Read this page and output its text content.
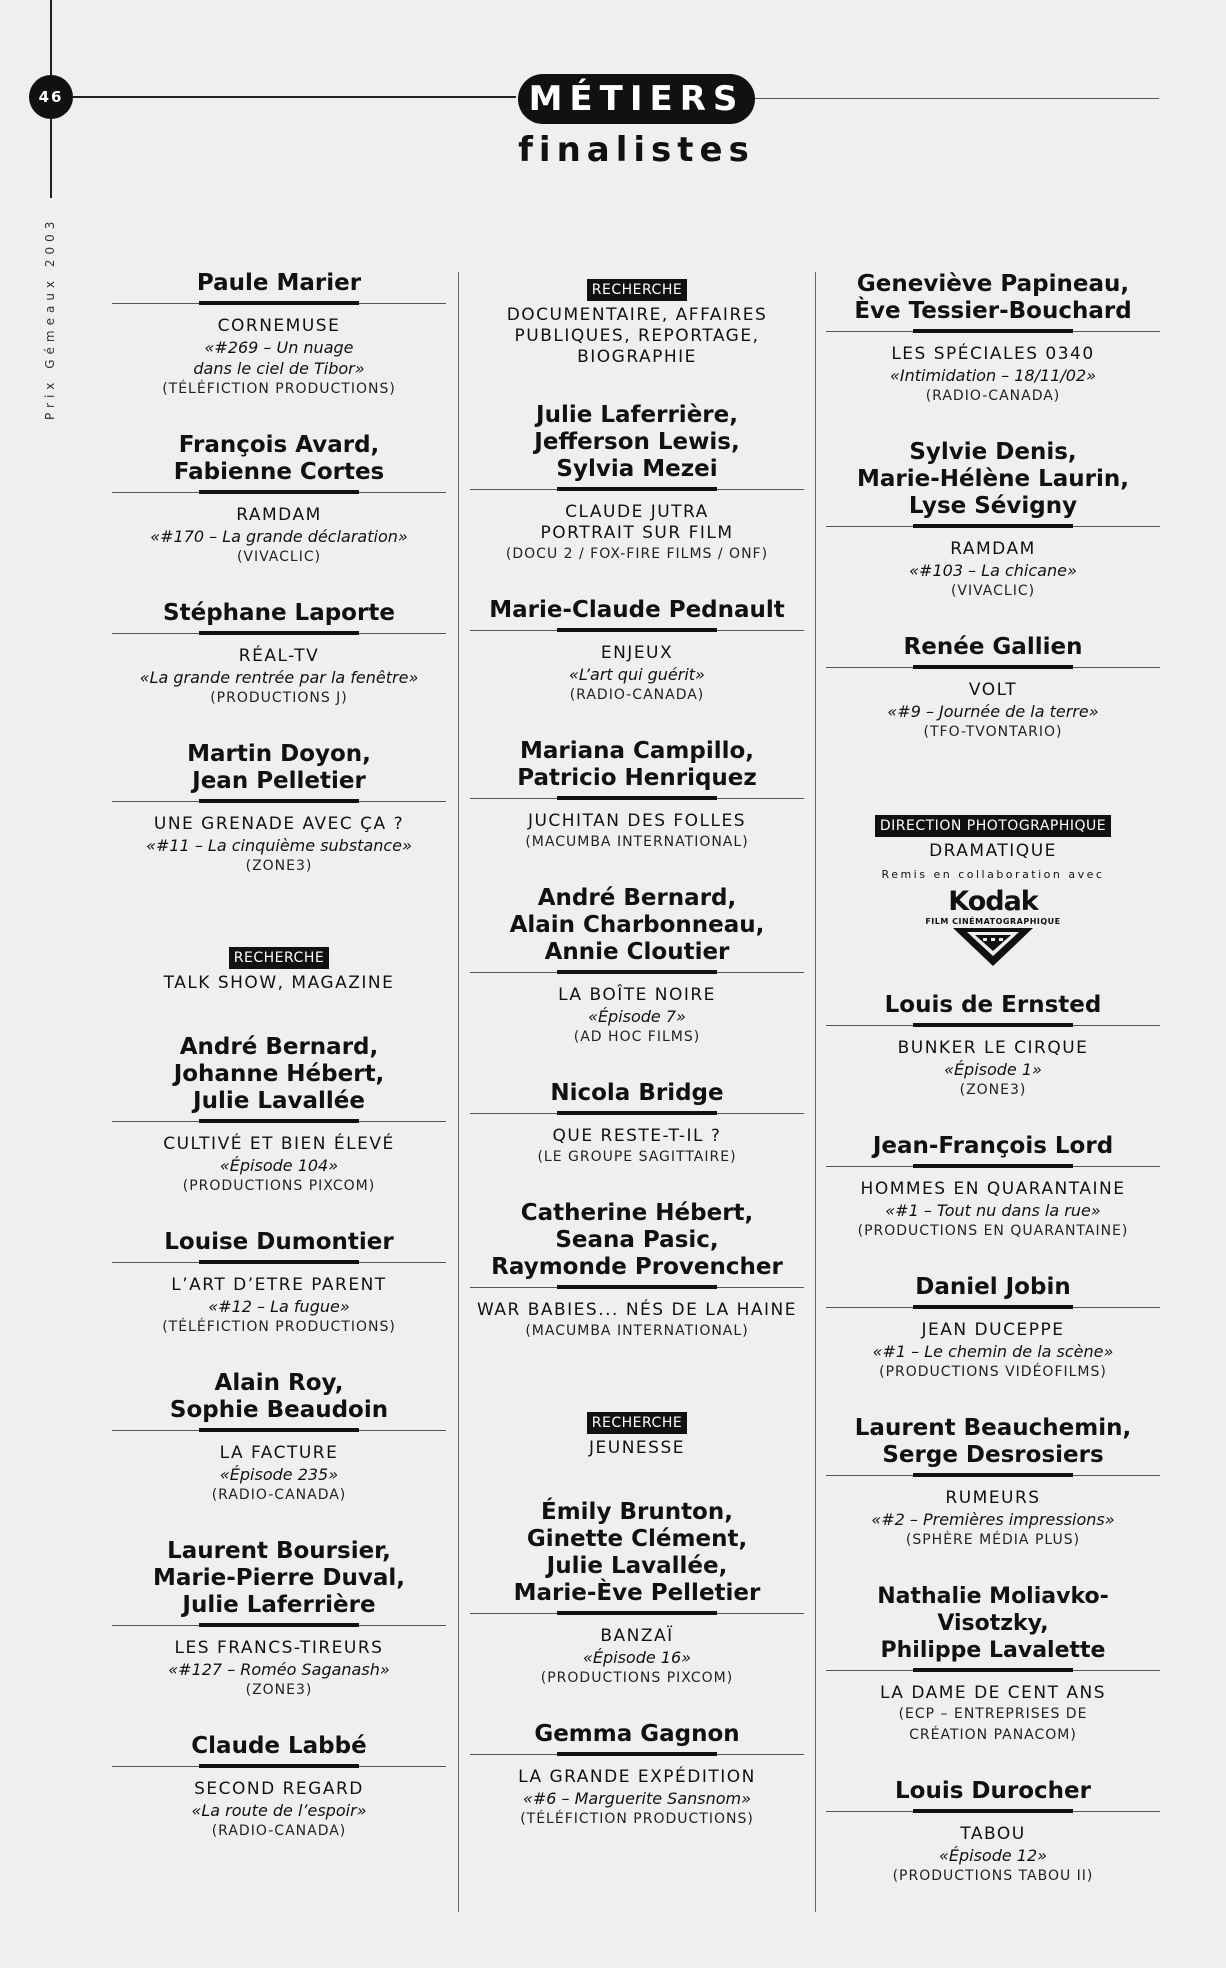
46
Prix Gémeaux 2003
MÉTIERS
finalistes
Paule Marier
CORNEMUSE
«#269 – Un nuage
dans le ciel de Tibor»
(TÉLÉFICTION PRODUCTIONS)
François Avard,
Fabienne Cortes
RAMDAM
«#170 – La grande déclaration»
(VIVACLIC)
Stéphane Laporte
RÉAL-TV
«La grande rentrée par la fenêtre»
(PRODUCTIONS J)
Martin Doyon,
Jean Pelletier
UNE GRENADE AVEC ÇA ?
«#11 – La cinquième substance»
(ZONE3)
RECHERCHE
TALK SHOW, MAGAZINE
André Bernard,
Johanne Hébert,
Julie Lavallée
CULTIVÉ ET BIEN ÉLEVÉ
«Épisode 104»
(PRODUCTIONS PIXCOM)
Louise Dumontier
L’ART D’ETRE PARENT
«#12 – La fugue»
(TÉLÉFICTION PRODUCTIONS)
Alain Roy,
Sophie Beaudoin
LA FACTURE
«Épisode 235»
(RADIO-CANADA)
Laurent Boursier,
Marie-Pierre Duval,
Julie Laferrière
LES FRANCS-TIREURS
«#127 – Roméo Saganash»
(ZONE3)
Claude Labbé
SECOND REGARD
«La route de l’espoir»
(RADIO-CANADA)
RECHERCHE
DOCUMENTAIRE, AFFAIRES
PUBLIQUES, REPORTAGE,
BIOGRAPHIE
Julie Laferrière,
Jefferson Lewis,
Sylvia Mezei
CLAUDE JUTRA
PORTRAIT SUR FILM
(DOCU 2 / FOX-FIRE FILMS / ONF)
Marie-Claude Pednault
ENJEUX
«L’art qui guérit»
(RADIO-CANADA)
Mariana Campillo,
Patricio Henriquez
JUCHITAN DES FOLLES
(MACUMBA INTERNATIONAL)
André Bernard,
Alain Charbonneau,
Annie Cloutier
LA BOÎTE NOIRE
«Épisode 7»
(AD HOC FILMS)
Nicola Bridge
QUE RESTE-T-IL ?
(LE GROUPE SAGITTAIRE)
Catherine Hébert,
Seana Pasic,
Raymonde Provencher
WAR BABIES... NÉS DE LA HAINE
(MACUMBA INTERNATIONAL)
RECHERCHE
JEUNESSE
Émily Brunton,
Ginette Clément,
Julie Lavallée,
Marie-Ève Pelletier
BANZAÏ
«Épisode 16»
(PRODUCTIONS PIXCOM)
Gemma Gagnon
LA GRANDE EXPÉDITION
«#6 – Marguerite Sansnom»
(TÉLÉFICTION PRODUCTIONS)
Geneviève Papineau,
Ève Tessier-Bouchard
LES SPÉCIALES 0340
«Intimidation – 18/11/02»
(RADIO-CANADA)
Sylvie Denis,
Marie-Hélène Laurin,
Lyse Sévigny
RAMDAM
«#103 – La chicane»
(VIVACLIC)
Renée Gallien
VOLT
«#9 – Journée de la terre»
(TFO-TVONTARIO)
DIRECTION PHOTOGRAPHIQUE
DRAMATIQUE
Remis en collaboration avec
Kodak
FILM CINÉMATOGRAPHIQUE
Louis de Ernsted
BUNKER LE CIRQUE
«Épisode 1»
(ZONE3)
Jean-François Lord
HOMMES EN QUARANTAINE
«#1 – Tout nu dans la rue»
(PRODUCTIONS EN QUARANTAINE)
Daniel Jobin
JEAN DUCEPPE
«#1 – Le chemin de la scène»
(PRODUCTIONS VIDÉOFILMS)
Laurent Beauchemin,
Serge Desrosiers
RUMEURS
«#2 – Premières impressions»
(SPHÈRE MÉDIA PLUS)
Nathalie Moliavko-Visotzky,
Philippe Lavalette
LA DAME DE CENT ANS
(ECP – ENTREPRISES DE
CRÉATION PANACOM)
Louis Durocher
TABOU
«Épisode 12»
(PRODUCTIONS TABOU II)
